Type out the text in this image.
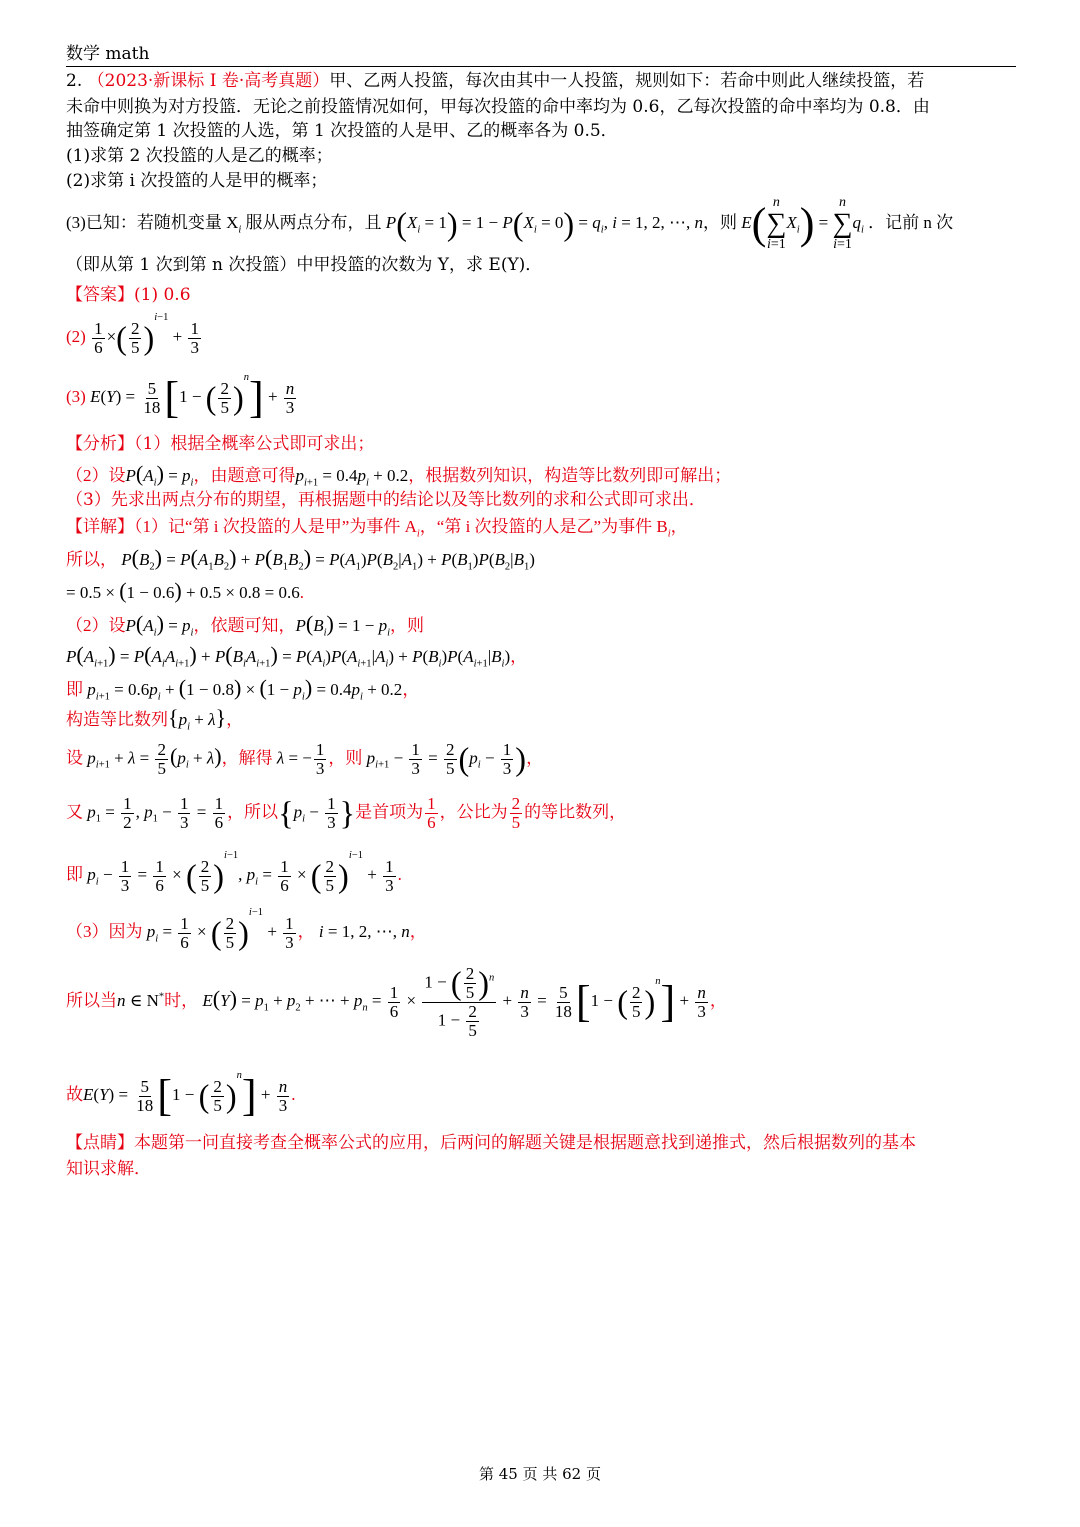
数学 math
2. （2023·新课标 I 卷·高考真题）甲、乙两人投篮，每次由其中一人投篮，规则如下：若命中则此人继续投篮，若
未命中则换为对方投篮．无论之前投篮情况如何，甲每次投篮的命中率均为 0.6，乙每次投篮的命中率均为 0.8．由
抽签确定第 1 次投篮的人选，第 1 次投篮的人是甲、乙的概率各为 0.5．
(1)求第 2 次投篮的人是乙的概率；
(2)求第 i 次投篮的人是甲的概率；
(3)已知：若随机变量 $X_i$ 服从两点分布，且 $P(X_i = 1) = 1 - P(X_i = 0) = q_i$, i = 1, 2, ⋯, n，则 E( n
∑
i=1
$X_i$) =
n
∑
i=1
$q_i$ ．记前 n 次
（即从第 1 次到第 n 次投篮）中甲投篮的次数为 Y，求 E(Y)．
【答案】(1) 0.6
$(2) \frac{1}{6}$ ×( $\frac{2}{5} )^{i-1} + \frac{1}{3}$
(3) $E(Y) = \frac{5}{18} [1$ − ( $\frac{2}{5} )^n] + \frac{n}{3}$
【分析】（1）根据全概率公式即可求出；
（2）设$P(A_i) = p_i$，由题意可得$p_{i+1} = 0.4p_i + 0.2$，根据数列知识，构造等比数列即可解出；
（3）先求出两点分布的期望，再根据题中的结论以及等比数列的求和公式即可求出．
【详解】（1）记“第 i 次投篮的人是甲”为事件 $A_i$，“第 i 次投篮的人是乙”为事件 $B_i$，
所以， $P(B_2) = P(A_1B_2) + P(B_1B_2) = P(A_1)P(B_2|A_1) + P(B_1)P(B_2|B_1)$
= 0.5 × (1 − 0.6) + 0.5 × 0.8 = 0.6.
（2）设$P(A_i) = p_i$，依题可知，$P(B_i) = 1 - p_i$，则
$P(A_{i+1}) = P(A_iA_{i+1}) + P(B_iA_{i+1}) = P(A_i)P(A_{i+1}|A_i) + P(B_i)P(A_{i+1}|B_i)$，
即 $p_{i+1} = 0.6p_i + (1 - 0.8) \times (1 - p_i) = 0.4p_i + 0.2$，
构造等比数列$\{p_i + \lambda\}$，
设 $p_{i+1} + \lambda = \frac{2}{5} (p_i + \lambda)$，解得 λ = − $\frac{1}{3}$ ，则 $p_{i+1} - \frac{1}{3} = \frac{2}{5} (p_i - \frac{1}{3}$ )，
又 $p_1 = \frac{1}{2}$ , $p_1 - \frac{1}{3} = \frac{1}{6}$ ，所以{$p_i - \frac{1}{3}$ }是首项为 $\frac{1}{6}$ ，公比为 $\frac{2}{5}$ 的等比数列，
即 $p_i - \frac{1}{3} = \frac{1}{6}$ × ( $\frac{2}{5} )^{i-1}$, $p_i = \frac{1}{6}$ × ( $\frac{2}{5} )^{i-1} + \frac{1}{3}$ .
（3）因为 $p_i = \frac{1}{6}$ × ( $\frac{2}{5} )^{i-1} + \frac{1}{3}$ ， i = 1, 2, ⋯, n，
所以当n ∈ N*时， $E(Y) = p_1 + p_2$ + ⋯ + $p_n = \frac{1}{6} \times \frac{1 - ( \frac{2}{5} )^n}{1 - \frac{2}{5}} + \frac{n}{3} = \frac{5}{18} [1$ − ( $\frac{2}{5} )^n] + \frac{n}{3}$ ，
故$E(Y) = \frac{5}{18} [1$ − ( $\frac{2}{5} )^n] + \frac{n}{3}$ .
【点睛】本题第一问直接考查全概率公式的应用，后两问的解题关键是根据题意找到递推式，然后根据数列的基本
知识求解．
第 45 页 共 62 页
